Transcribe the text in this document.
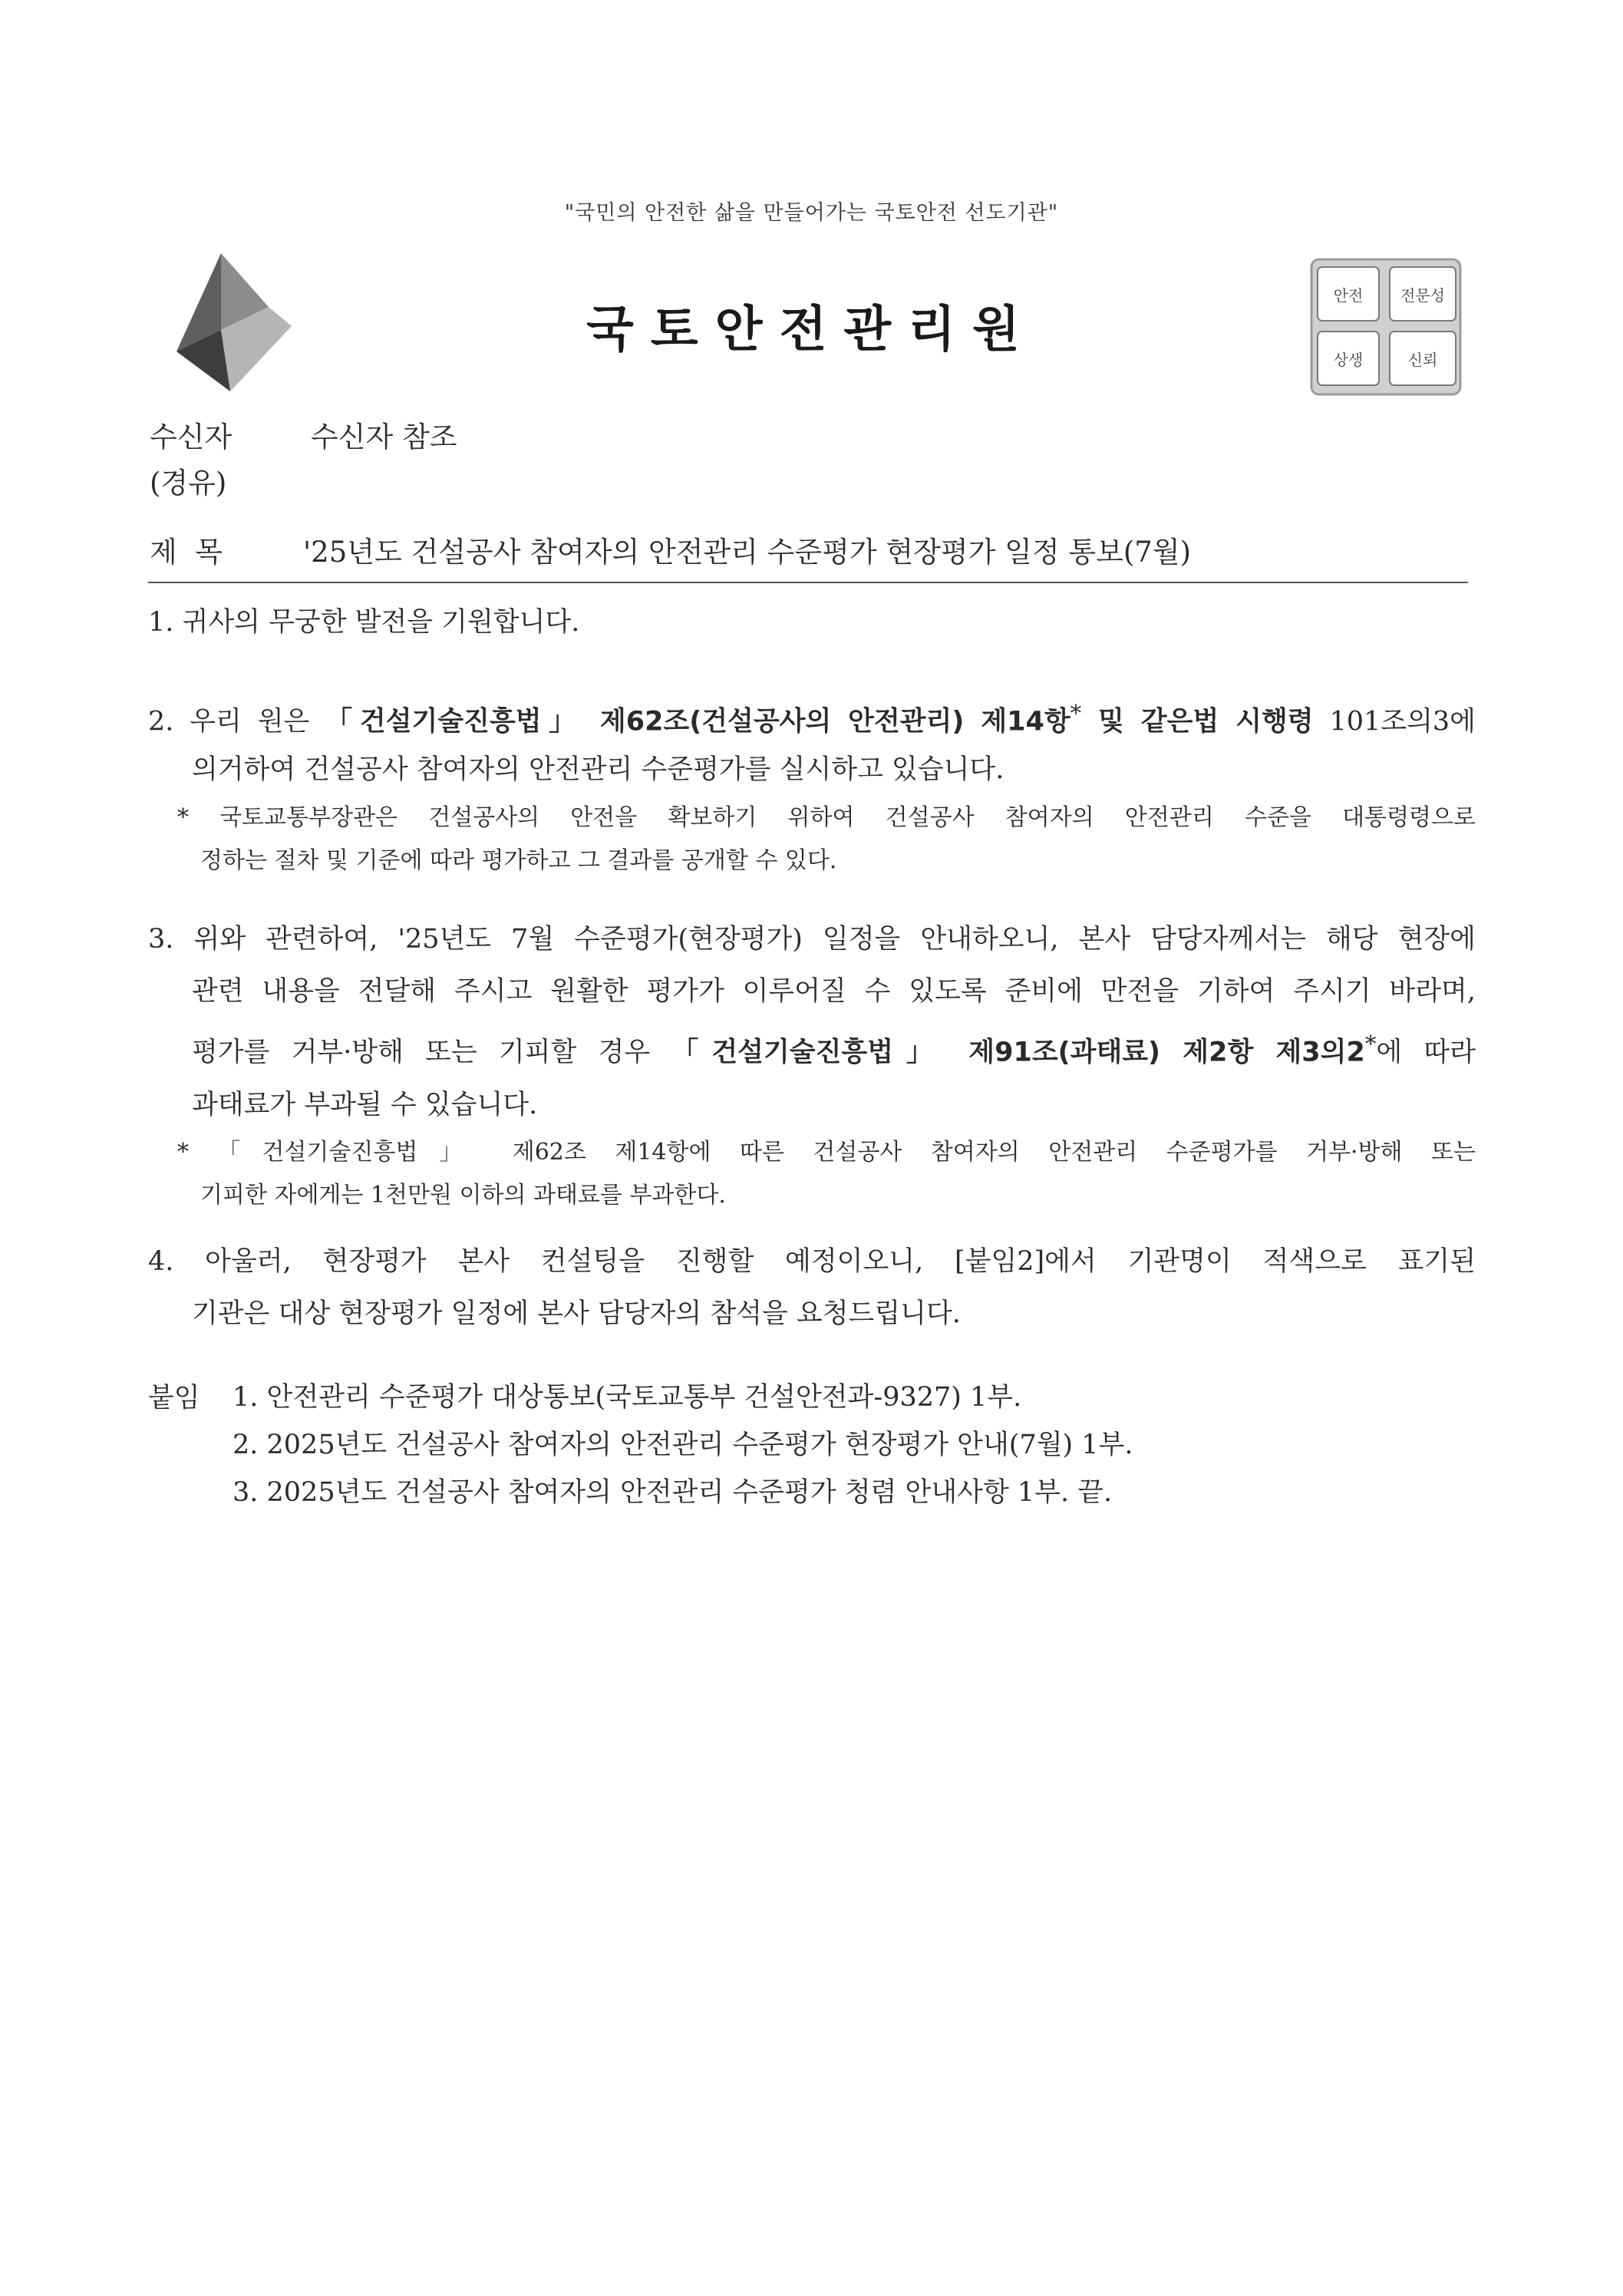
"국민의 안전한 삶을 만들어가는 국토안전 선도기관"
국토안전관리원
안전	전문성
상생	신뢰
수신자	수신자 참조
(경유)
제  목	'25년도 건설공사 참여자의 안전관리 수준평가 현장평가 일정 통보(7월)
1. 귀사의 무궁한 발전을 기원합니다.
2. 우리 원은 「건설기술진흥법」 제62조(건설공사의 안전관리) 제14항* 및 같은법 시행령 101조의3에
의거하여 건설공사 참여자의 안전관리 수준평가를 실시하고 있습니다.
* 국토교통부장관은 건설공사의 안전을 확보하기 위하여 건설공사 참여자의 안전관리 수준을 대통령령으로
정하는 절차 및 기준에 따라 평가하고 그 결과를 공개할 수 있다.
3. 위와 관련하여, '25년도 7월 수준평가(현장평가) 일정을 안내하오니, 본사 담당자께서는 해당 현장에
관련 내용을 전달해 주시고 원활한 평가가 이루어질 수 있도록 준비에 만전을 기하여 주시기 바라며,
평가를 거부·방해 또는 기피할 경우 「건설기술진흥법」 제91조(과태료) 제2항 제3의2*에 따라
과태료가 부과될 수 있습니다.
* 「건설기술진흥법」 제62조 제14항에 따른 건설공사 참여자의 안전관리 수준평가를 거부·방해 또는
기피한 자에게는 1천만원 이하의 과태료를 부과한다.
4. 아울러, 현장평가 본사 컨설팅을 진행할 예정이오니, [붙임2]에서 기관명이 적색으로 표기된
기관은 대상 현장평가 일정에 본사 담당자의 참석을 요청드립니다.
붙임 1. 안전관리 수준평가 대상통보(국토교통부 건설안전과-9327) 1부.
2. 2025년도 건설공사 참여자의 안전관리 수준평가 현장평가 안내(7월) 1부.
3. 2025년도 건설공사 참여자의 안전관리 수준평가 청렴 안내사항 1부. 끝.
